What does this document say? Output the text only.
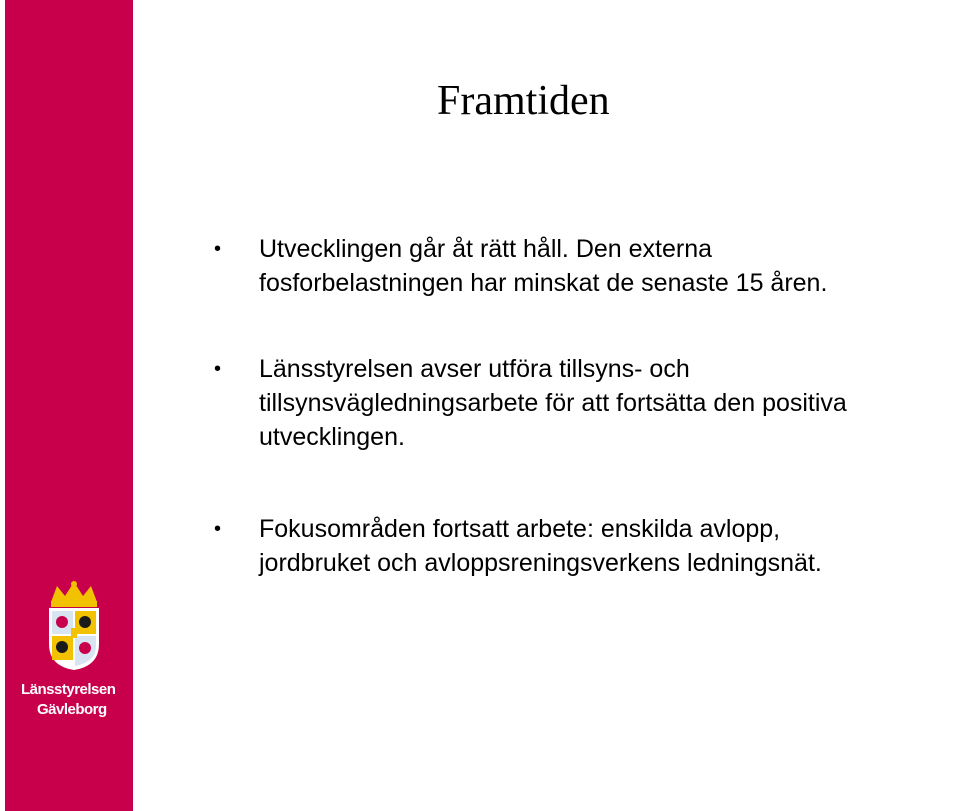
Länsstyrelsen
Gävleborg
Framtiden
•	Utvecklingen går åt rätt håll. Den externa
fosforbelastningen har minskat de senaste 15 åren.
•	Länsstyrelsen avser utföra tillsyns- och
tillsynsvägledningsarbete för att fortsätta den positiva
utvecklingen.
•	Fokusområden fortsatt arbete: enskilda avlopp,
jordbruket och avloppsreningsverkens ledningsnät.
